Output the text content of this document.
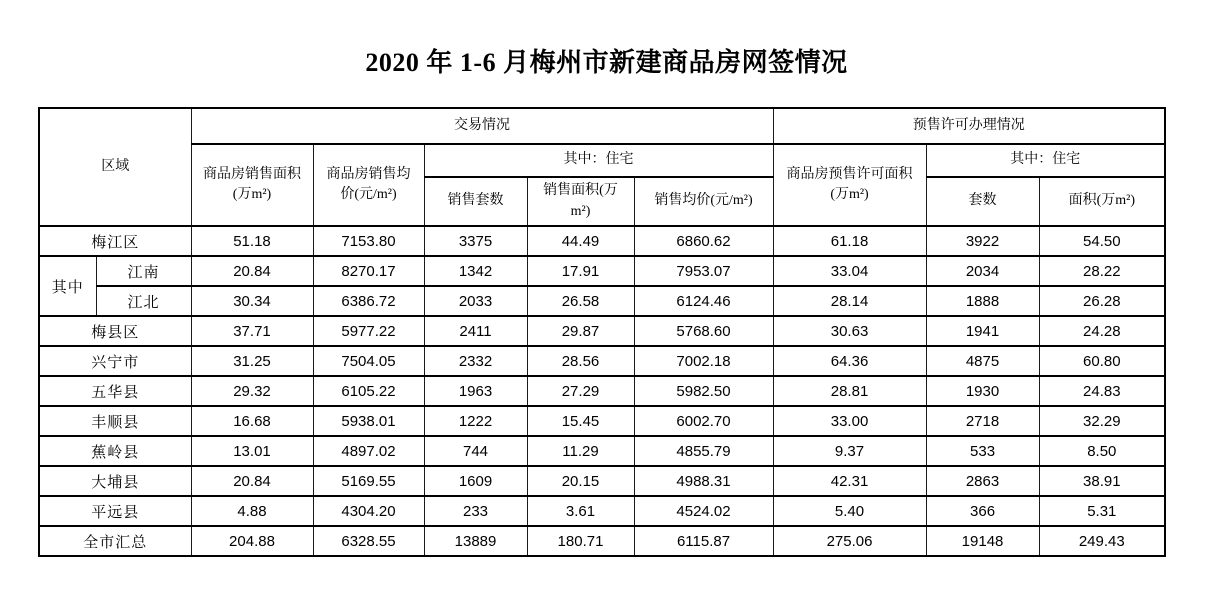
2020 年 1-6 月梅州市新建商品房网签情况
区域		交易情况					预售许可办理情况		
		商品房销售面积(万m²)	商品房销售均价(元/m²)	其中：住宅			商品房预售许可面积(万m²)	其中：住宅	
				销售套数	销售面积(万m²)	销售均价(元/m²)		套数	面积(万m²)
梅江区		51.18	7153.80	3375	44.49	6860.62	61.18	3922	54.50
其中	江南	20.84	8270.17	1342	17.91	7953.07	33.04	2034	28.22
	江北	30.34	6386.72	2033	26.58	6124.46	28.14	1888	26.28
梅县区		37.71	5977.22	2411	29.87	5768.60	30.63	1941	24.28
兴宁市		31.25	7504.05	2332	28.56	7002.18	64.36	4875	60.80
五华县		29.32	6105.22	1963	27.29	5982.50	28.81	1930	24.83
丰顺县		16.68	5938.01	1222	15.45	6002.70	33.00	2718	32.29
蕉岭县		13.01	4897.02	744	11.29	4855.79	9.37	533	8.50
大埔县		20.84	5169.55	1609	20.15	4988.31	42.31	2863	38.91
平远县		4.88	4304.20	233	3.61	4524.02	5.40	366	5.31
全市汇总		204.88	6328.55	13889	180.71	6115.87	275.06	19148	249.43
